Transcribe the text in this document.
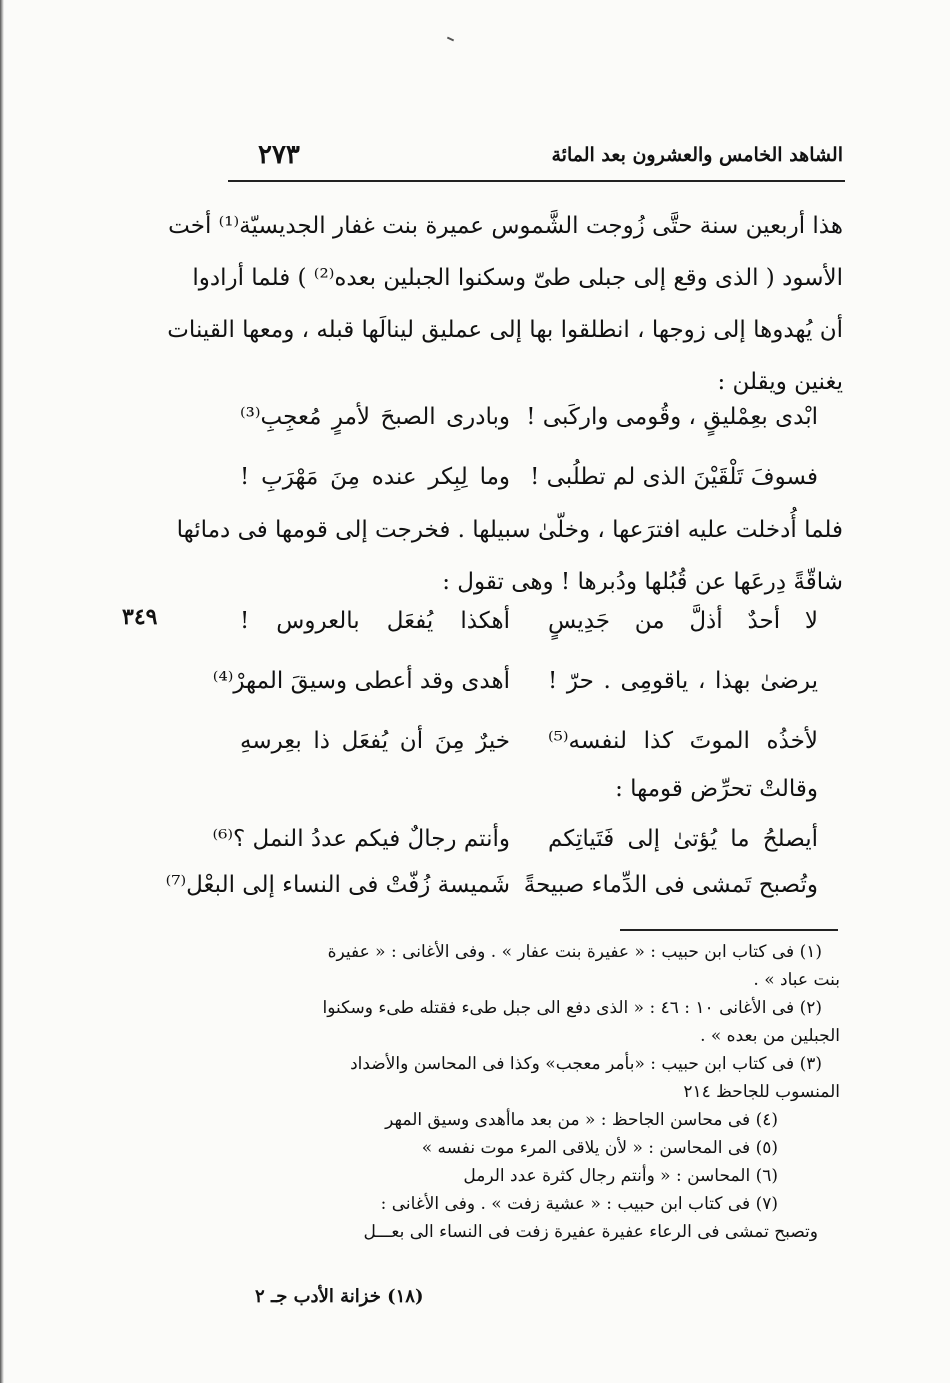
الشاهد الخامس والعشرون بعد المائة
٢٧٣
هذا أربعين سنة حتَّى زُوجت الشَّموس عميرة بنت غفار الجديسيّة⁽¹⁾ أخت
الأسود ( الذى وقع إلى جبلى طىّ وسكنوا الجبلين بعده⁽²⁾ ) فلما أرادوا
أن يُهدوها إلى زوجها ، انطلقوا بها إلى عمليق لينالَها قبله ، ومعها القينات
يغنين ويقلن :
ابْدى بعِمْليقٍ ، وقُومى واركَبى !
وبادرى الصبحَ لأمرٍ مُعجِبِ⁽³⁾
فسوفَ تَلْقَيْنَ الذى لم تطلُبى !
وما لِبِكر عنده مِنَ مَهْرَبِ !
فلما أُدخلت عليه افترَعها ، وخلّىٰ سبيلها . فخرجت إلى قومها فى دمائها
شاقّةً دِرعَها عن قُبُلها ودُبرها ! وهى تقول :
٣٤٩	لا أحدٌ أذلَّ من جَدِيسٍ
أهكذا يُفعَل بالعروس !
يرضىٰ بهذا ، ياقومِى . حرّ !
أهدى وقد أعطى وسيقَ المهرْ⁽⁴⁾
لأخذُه الموتَ كذا لنفسه⁽⁵⁾
خيرٌ مِنَ أن يُفعَل ذا بعِرسهِ
وقالتْ تحرِّض قومها :
أيصلحُ ما يُؤتىٰ إلى فَتَياتِكم
وأنتم رجالٌ فيكم عددُ النمل ؟⁽⁶⁾
وتُصبح تَمشى فى الدِّماء صبيحةً
شَميسة زُفّتْ فى النساء إلى البعْل⁽⁷⁾
(١) فى كتاب ابن حبيب : « عفيرة بنت عفار » . وفى الأغانى : « عفيرة
بنت عباد » .
(٢) فى الأغانى ١٠ : ٤٦ : « الذى دفع الى جبل طىء فقتله طىء وسكنوا
الجبلين من بعده » .
(٣) فى كتاب ابن حبيب : «بأمر معجب» وكذا فى المحاسن والأضداد
المنسوب للجاحظ ٢١٤
(٤) فى محاسن الجاحظ : « من بعد ماأهدى وسيق المهر
(٥) فى المحاسن : « لأن يلاقى المرء موت نفسه »
(٦) المحاسن : « وأنتم رجال كثرة عدد الرمل
(٧) فى كتاب ابن حبيب : « عشية زفت » . وفى الأغانى :
وتصبح تمشى فى الرعاء عفيرة عفيرة زفت فى النساء الى بعـــل
(١٨) خزانة الأدب جـ ٢
